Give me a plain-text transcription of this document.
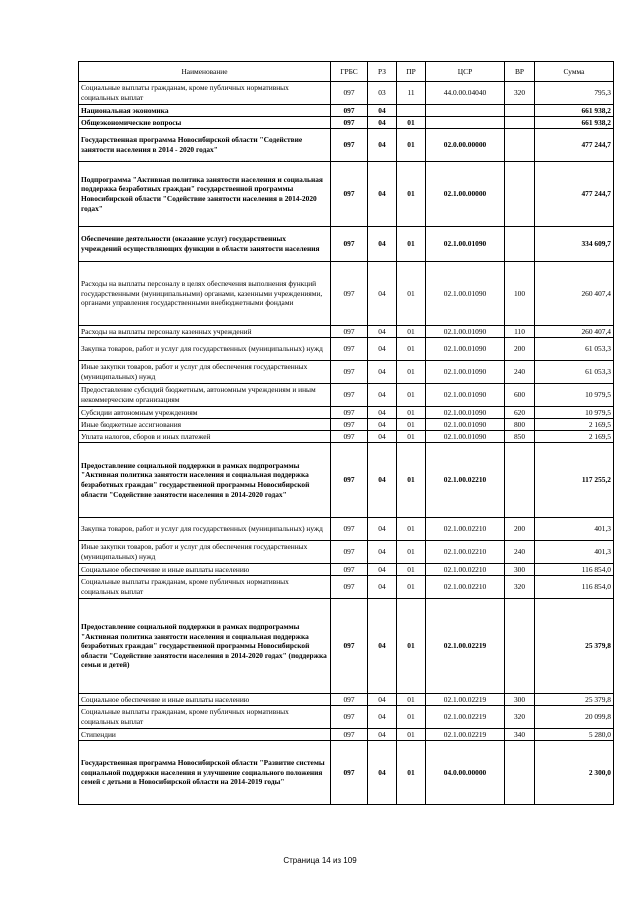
Наименование	ГРБС	РЗ	ПР	ЦСР	ВР	Сумма
Социальные выплаты гражданам, кроме публичных нормативных социальных выплат	097	03	11	44.0.00.04040	320	795,3
Национальная экономика	097	04				661 938,2
Общеэкономические вопросы	097	04	01			661 938,2
Государственная программа Новосибирской области "Содействие занятости населения в 2014 - 2020 годах"	097	04	01	02.0.00.00000		477 244,7
Подпрограмма "Активная политика занятости населения и социальная поддержка безработных граждан" государственной программы Новосибирской области "Содействие занятости населения в 2014-2020 годах"	097	04	01	02.1.00.00000		477 244,7
Обеспечение деятельности (оказание услуг) государственных учреждений осуществляющих функции в области занятости населения	097	04	01	02.1.00.01090		334 609,7
Расходы на выплаты персоналу в целях обеспечения выполнения функций государственными (муниципальными) органами, казенными учреждениями, органами управления государственными внебюджетными фондами	097	04	01	02.1.00.01090	100	260 407,4
Расходы на выплаты персоналу казенных учреждений	097	04	01	02.1.00.01090	110	260 407,4
Закупка товаров, работ и услуг для государственных (муниципальных) нужд	097	04	01	02.1.00.01090	200	61 053,3
Иные закупки товаров, работ и услуг для обеспечения государственных (муниципальных) нужд	097	04	01	02.1.00.01090	240	61 053,3
Предоставление субсидий бюджетным, автономным учреждениям и иным некоммерческим организациям	097	04	01	02.1.00.01090	600	10 979,5
Субсидии автономным учреждениям	097	04	01	02.1.00.01090	620	10 979,5
Иные бюджетные ассигнования	097	04	01	02.1.00.01090	800	2 169,5
Уплата налогов, сборов и иных платежей	097	04	01	02.1.00.01090	850	2 169,5
Предоставление социальной поддержки в рамках подпрограммы "Активная политика занятости населения и социальная поддержка безработных граждан" государственной программы Новосибирской области "Содействие занятости населения в 2014-2020 годах"	097	04	01	02.1.00.02210		117 255,2
Закупка товаров, работ и услуг для государственных (муниципальных) нужд	097	04	01	02.1.00.02210	200	401,3
Иные закупки товаров, работ и услуг для обеспечения государственных (муниципальных) нужд	097	04	01	02.1.00.02210	240	401,3
Социальное обеспечение и иные выплаты населению	097	04	01	02.1.00.02210	300	116 854,0
Социальные выплаты гражданам, кроме публичных нормативных социальных выплат	097	04	01	02.1.00.02210	320	116 854,0
Предоставление социальной поддержки в рамках подпрограммы "Активная политика занятости населения и социальная поддержка безработных граждан" государственной программы Новосибирской области "Содействие занятости населения в 2014-2020 годах" (поддержка семьи и детей)	097	04	01	02.1.00.02219		25 379,8
Социальное обеспечение и иные выплаты населению	097	04	01	02.1.00.02219	300	25 379,8
Социальные выплаты гражданам, кроме публичных нормативных социальных выплат	097	04	01	02.1.00.02219	320	20 099,8
Стипендии	097	04	01	02.1.00.02219	340	5 280,0
Государственная программа Новосибирской области "Развитие системы социальной поддержки населения и улучшение социального положения семей с детьми в Новосибирской области на 2014-2019 годы"	097	04	01	04.0.00.00000		2 300,0
Страница 14 из 109
